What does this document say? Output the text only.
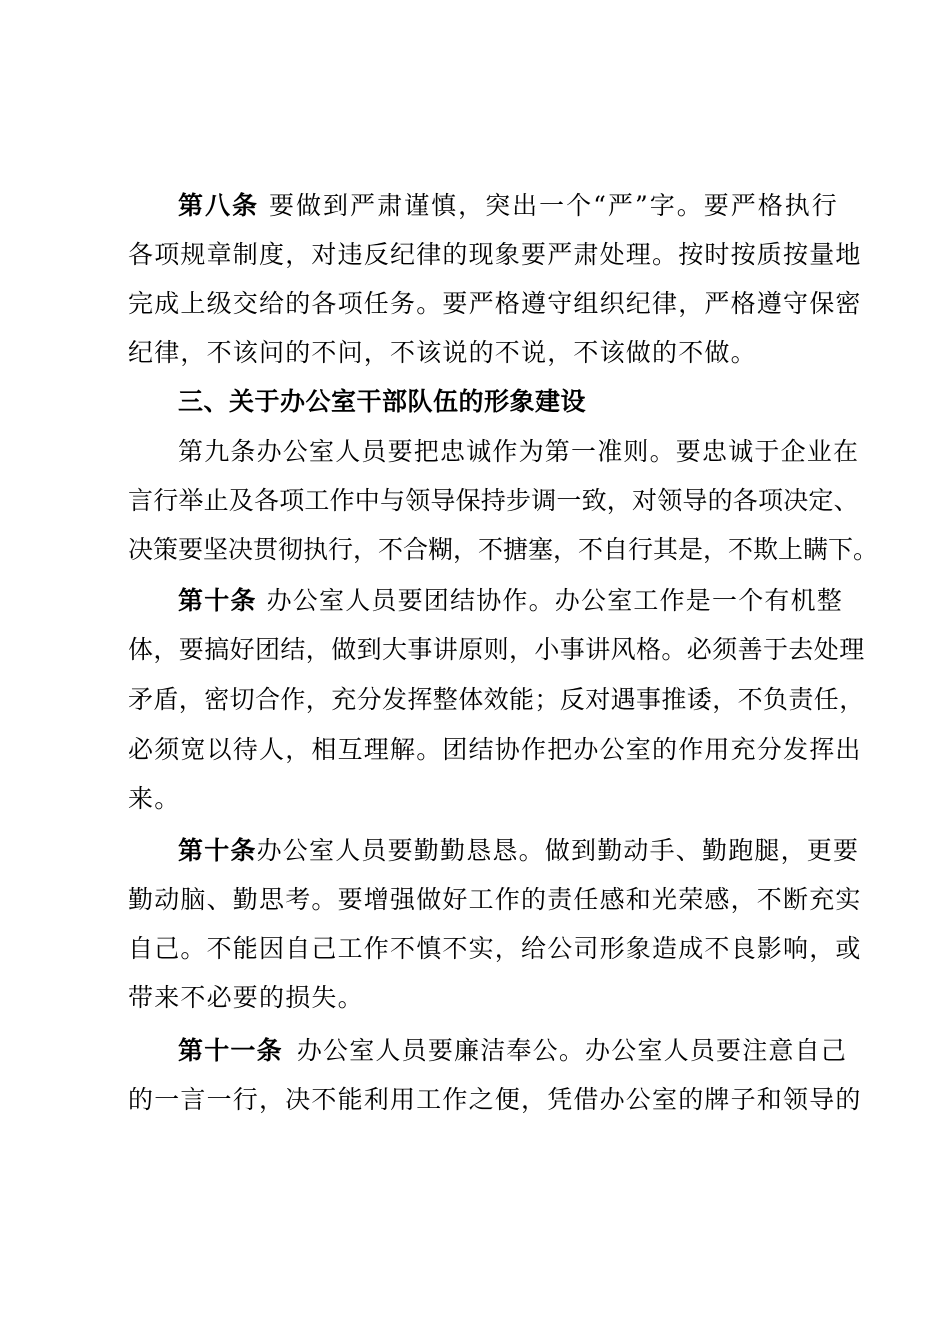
第八条 要做到严肃谨慎，突出一个“严”字。要严格执行
各项规章制度，对违反纪律的现象要严肃处理。按时按质按量地
完成上级交给的各项任务。要严格遵守组织纪律，严格遵守保密
纪律，不该问的不问，不该说的不说，不该做的不做。
三、关于办公室干部队伍的形象建设
第九条办公室人员要把忠诚作为第一准则。要忠诚于企业在
言行举止及各项工作中与领导保持步调一致，对领导的各项决定、
决策要坚决贯彻执行，不合糊，不搪塞，不自行其是，不欺上瞒下。
第十条 办公室人员要团结协作。办公室工作是一个有机整
体，要搞好团结，做到大事讲原则，小事讲风格。必须善于去处理
矛盾，密切合作，充分发挥整体效能；反对遇事推诿，不负责任，
必须宽以待人，相互理解。团结协作把办公室的作用充分发挥出
来。
第十条办公室人员要勤勤恳恳。做到勤动手、勤跑腿，更要
勤动脑、勤思考。要增强做好工作的责任感和光荣感，不断充实
自己。不能因自己工作不慎不实，给公司形象造成不良影响，或
带来不必要的损失。
第十一条 办公室人员要廉洁奉公。办公室人员要注意自己
的一言一行，决不能利用工作之便，凭借办公室的牌子和领导的
